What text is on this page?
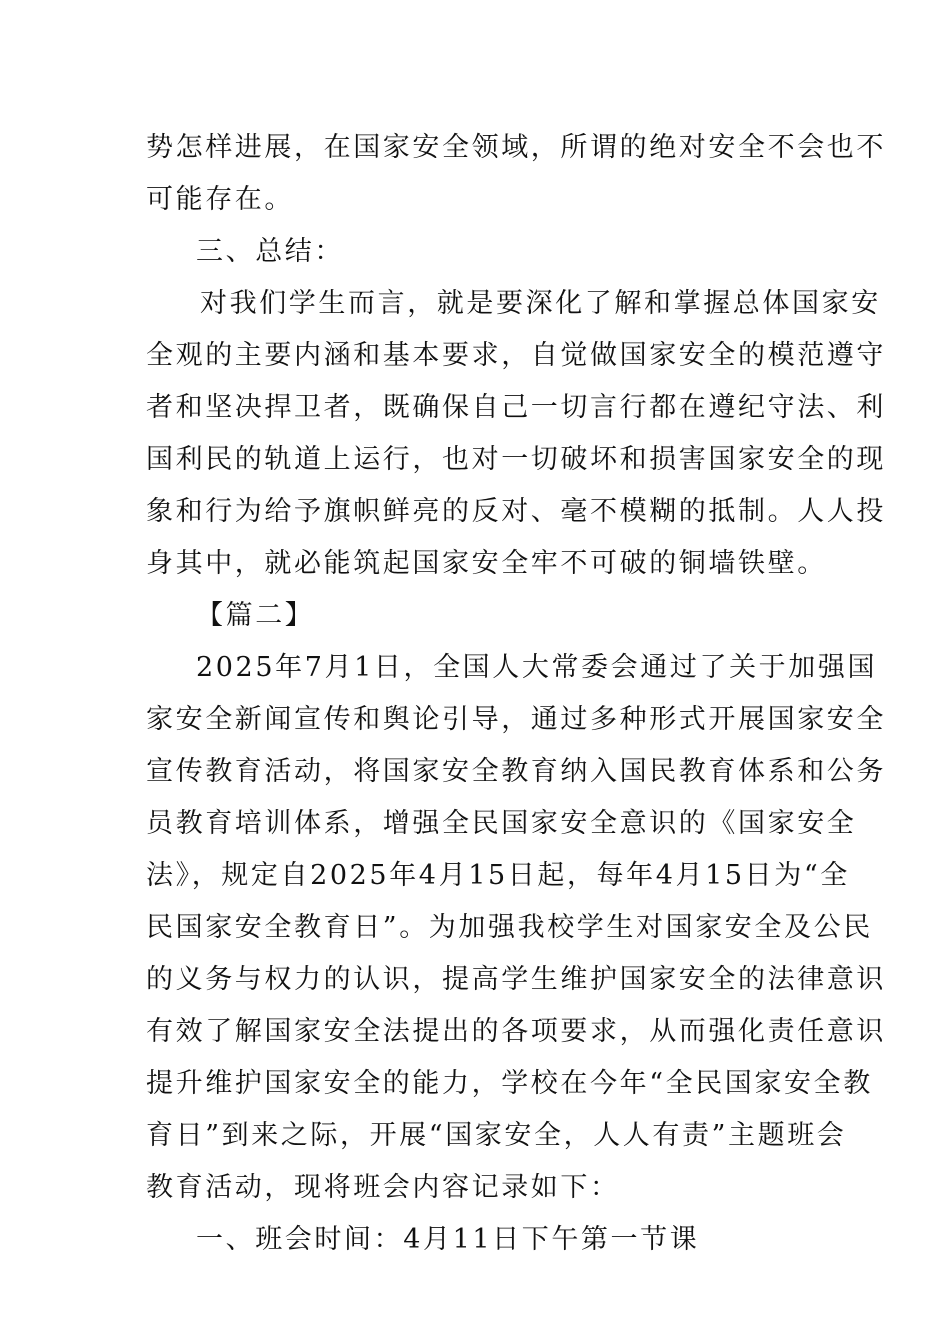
势怎样进展，在国家安全领域，所谓的绝对安全不会也不
可能存在。
三、总结：
对我们学生而言，就是要深化了解和掌握总体国家安
全观的主要内涵和基本要求，自觉做国家安全的模范遵守
者和坚决捍卫者，既确保自己一切言行都在遵纪守法、利
国利民的轨道上运行，也对一切破坏和损害国家安全的现
象和行为给予旗帜鲜亮的反对、毫不模糊的抵制。人人投
身其中，就必能筑起国家安全牢不可破的铜墙铁壁。
【篇二】
2025年7月1日，全国人大常委会通过了关于加强国
家安全新闻宣传和舆论引导，通过多种形式开展国家安全
宣传教育活动，将国家安全教育纳入国民教育体系和公务
员教育培训体系，增强全民国家安全意识的《国家安全
法》，规定自2025年4月15日起，每年4月15日为“全
民国家安全教育日”。为加强我校学生对国家安全及公民
的义务与权力的认识，提高学生维护国家安全的法律意识
有效了解国家安全法提出的各项要求，从而强化责任意识
提升维护国家安全的能力，学校在今年“全民国家安全教
育日”到来之际，开展“国家安全，人人有责”主题班会
教育活动，现将班会内容记录如下：
一、班会时间：4月11日下午第一节课
